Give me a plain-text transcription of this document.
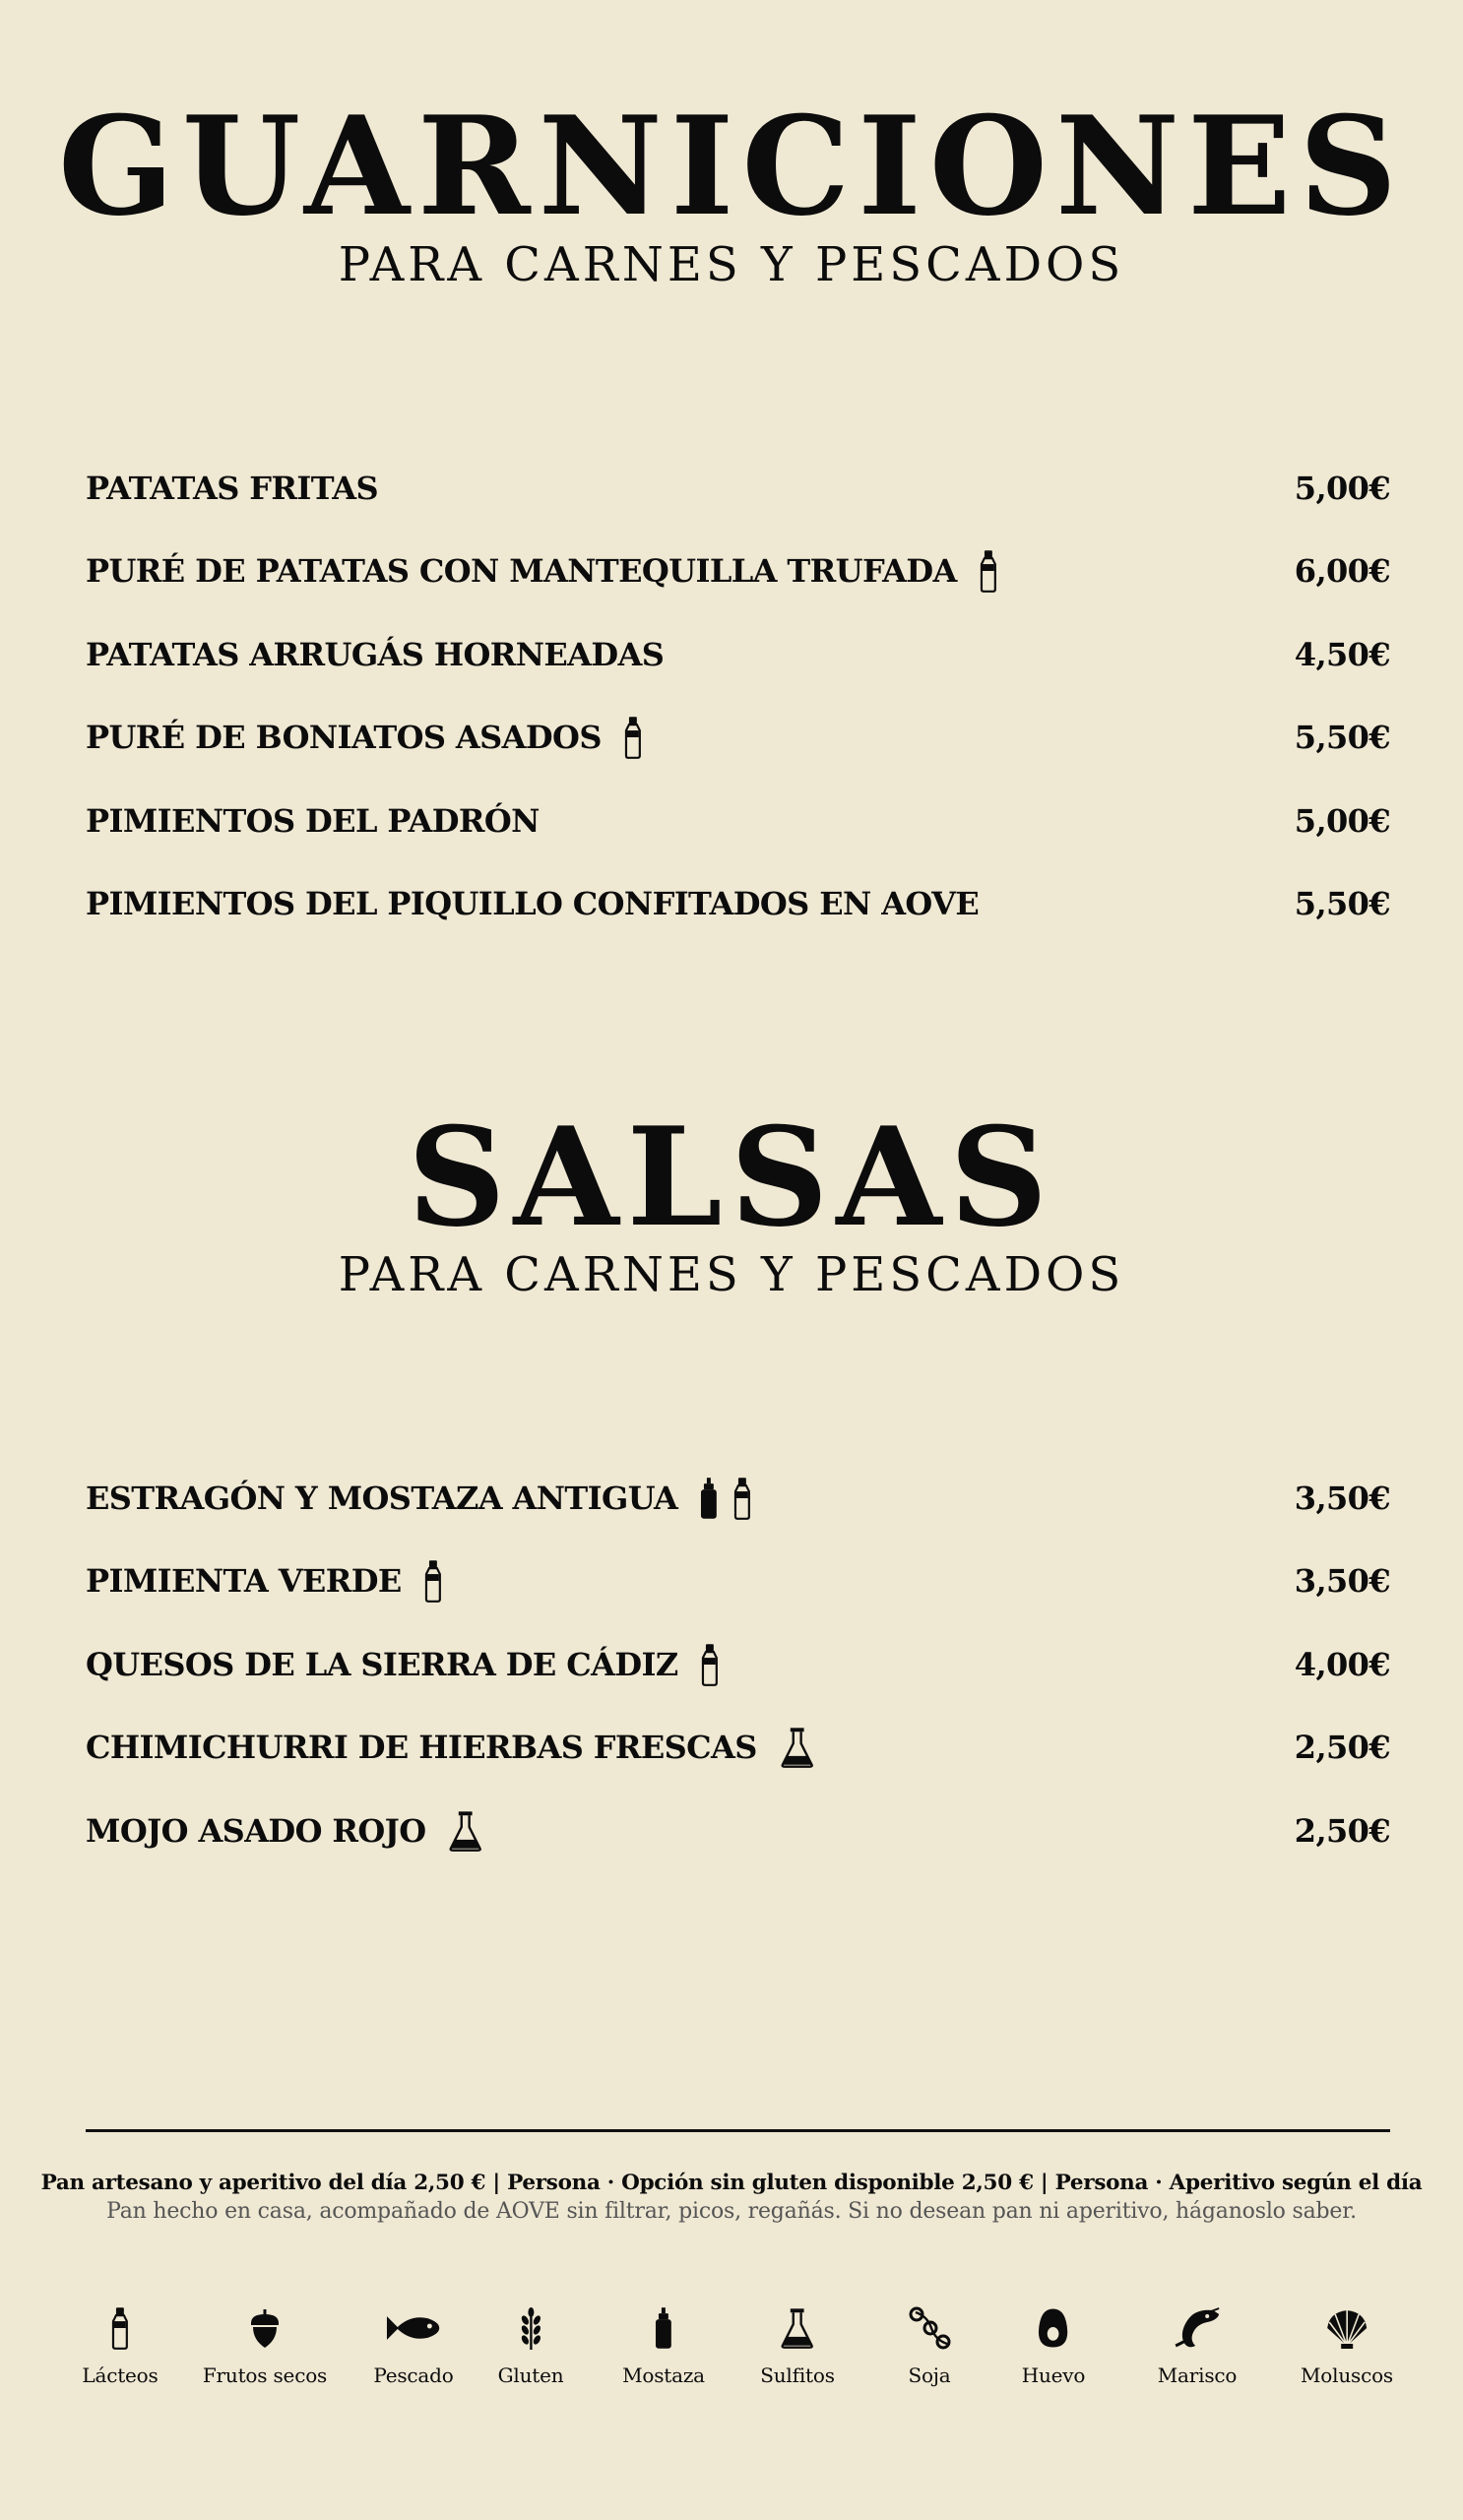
GUARNICIONES
PARA CARNES Y PESCADOS
PATATAS FRITAS	5,00€
PURÉ DE PATATAS CON MANTEQUILLA TRUFADA	6,00€
PATATAS ARRUGÁS HORNEADAS	4,50€
PURÉ DE BONIATOS ASADOS	5,50€
PIMIENTOS DEL PADRÓN	5,00€
PIMIENTOS DEL PIQUILLO CONFITADOS EN AOVE	5,50€
SALSAS
PARA CARNES Y PESCADOS
ESTRAGÓN Y MOSTAZA ANTIGUA	3,50€
PIMIENTA VERDE	3,50€
QUESOS DE LA SIERRA DE CÁDIZ	4,00€
CHIMICHURRI DE HIERBAS FRESCAS	2,50€
MOJO ASADO ROJO	2,50€
Pan artesano y aperitivo del día 2,50 € | Persona · Opción sin gluten disponible 2,50 € | Persona · Aperitivo según el día
Pan hecho en casa, acompañado de AOVE sin filtrar, picos, regañás. Si no desean pan ni aperitivo, háganoslo saber.
Lácteos	Frutos secos	Pescado	Gluten	Mostaza	Sulfitos	Soja	Huevo	Marisco	Moluscos
